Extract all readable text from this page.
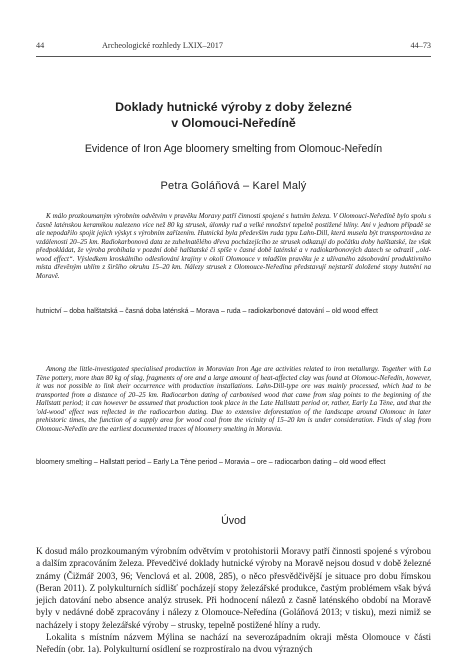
44	Archeologické rozhledy LXIX–2017	44–73
Doklady hutnické výroby z doby železné
v Olomouci-Neředíně
Evidence of Iron Age bloomery smelting from Olomouc-Neředín
Petra Goláňová – Karel Malý

K málo prozkoumaným výrobním odvětvím v pravěku Moravy patří činnosti spojené s hutním železa. V Olomouci-Neředíně bylo spolu s časně laténskou keramikou nalezeno více než 80 kg strusek, úlomky rud a velké množství tepelně postižené hlíny. Ani v jednom případě se ale nepodařilo spojit jejich výskyt s výrobním zařízením. Hutnická byla především ruda typu Lahn-Dill, která musela být transportována ze vzdálenosti 20–25 km. Radiokarbonová data ze zuhelnatělého dřeva pocházejícího ze strusek odkazují do počátku doby halštatské, lze však předpokládat, že výroba probíhala v pozdní době halštatské či spíše v časné době laténské a v radiokarbonových datech se odrazil „old-wood effect“. Výsledkem kroskálního odlesňování krajiny v okolí Olomouce v mladším pravěku je z užívaného zásobování produktivního místa dřevěným uhlím z širšího okruhu 15–20 km. Nálezy strusek z Olomouce-Neředína představují nejstarší doložené stopy hutnění na Moravě.

hutnictví – doba halštatská – časná doba laténská – Morava – ruda – radiokarbonové datování – old wood effect

Among the little-investigated specialised production in Moravian Iron Age are activities related to iron metallurgy. Together with La Tène pottery, more than 80 kg of slag, fragments of ore and a large amount of heat-affected clay was found at Olomouc-Neředín, however, it was not possible to link their occurrence with production installations. Lahn-Dill-type ore was mainly processed, which had to be transported from a distance of 20–25 km. Radiocarbon dating of carbonised wood that came from slag points to the beginning of the Hallstatt period; it can however be assumed that production took place in the Late Hallstatt period or, rather, Early La Tène, and that the 'old-wood' effect was reflected in the radiocarbon dating. Due to extensive deforestation of the landscape around Olomouc in later prehistoric times, the function of a supply area for wood coal from the vicinity of 15–20 km is under consideration. Finds of slag from Olomouc-Neředín are the earliest documented traces of bloomery smelting in Moravia.

bloomery smelting – Hallstatt period – Early La Tène period – Moravia – ore – radiocarbon dating – old wood effect

Úvod

K dosud málo prozkoumaným výrobním odvětvím v protohistorii Moravy patří činnosti spojené s výrobou a dalším zpracováním železa. Převedčivé doklady hutnické výroby na Moravě nejsou dosud v době železné známy (Čižmář 2003, 96; Venclová et al. 2008, 285), o něco přesvědčivější je situace pro dobu římskou (Beran 2011). Z polykulturních sídlišť pocházejí stopy železářské produkce, častým problémem však bývá jejich datování nebo absence analýz strusek. Při hodnocení nálezů z časně laténského období na Moravě byly v nedávné době zpracovány i nálezy z Olomouce-Neředína (Goláňová 2013; v tisku), mezi nimiž se nacházely i stopy železářské výroby – strusky, tepelně postižené hlíny a rudy.

Lokalita s místním názvem Mýlina se nachází na severozápadním okraji města Olomouce v části Neředín (obr. 1a). Polykulturní osídlení se rozprostíralo na dvou výrazných
